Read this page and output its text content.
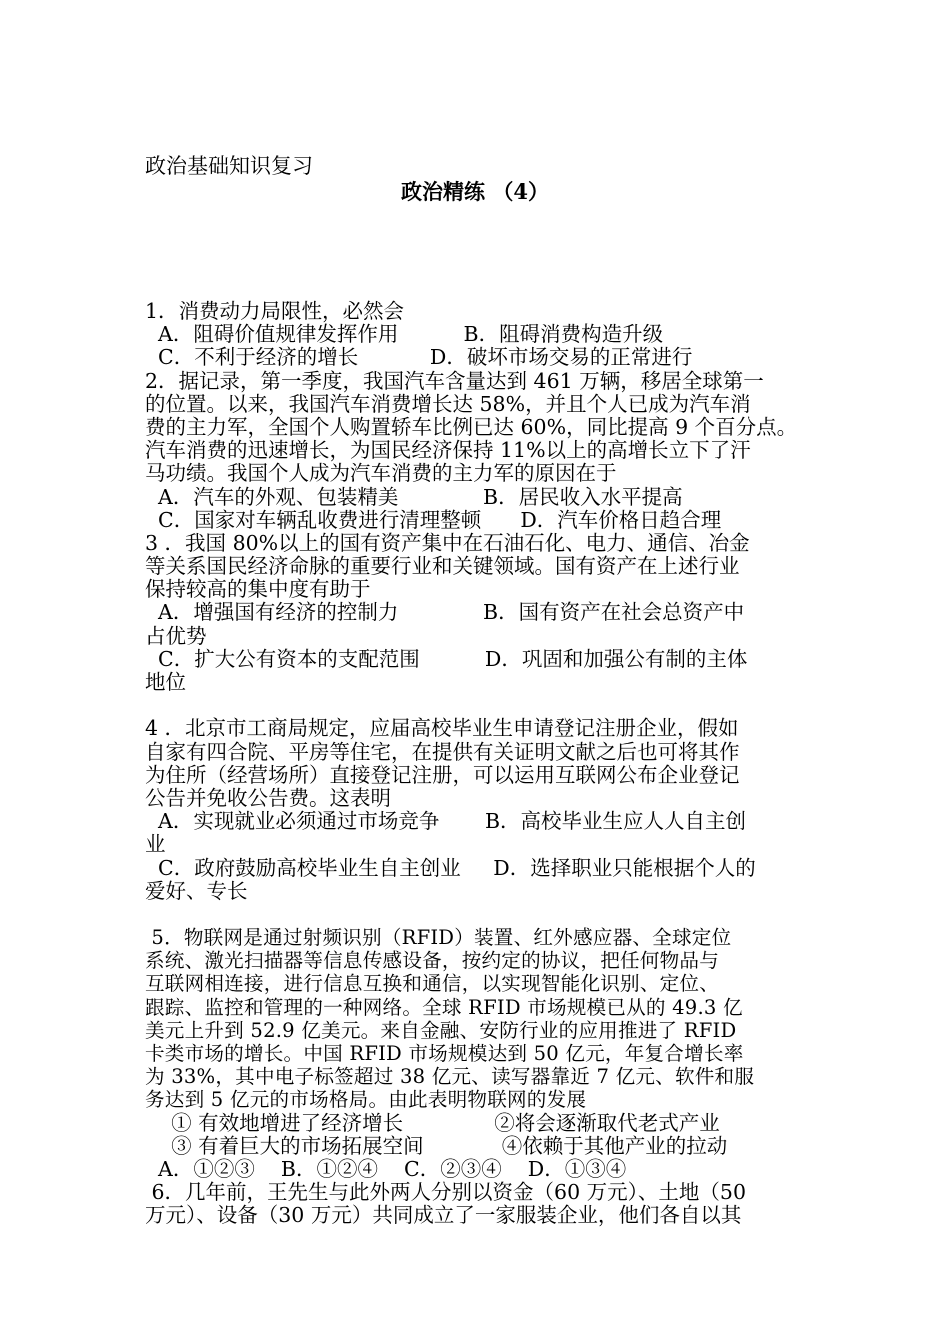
政治基础知识复习
政治精练 （4）
1．消费动力局限性，必然会
A．阻碍价值规律发挥作用          B．阻碍消费构造升级
C．不利于经济的增长           D．破坏市场交易的正常进行
2．据记录，第一季度，我国汽车含量达到 461 万辆，移居全球第一
的位置。以来，我国汽车消费增长达 58%，并且个人已成为汽车消
费的主力军，全国个人购置轿车比例已达 60%，同比提高 9 个百分点。
汽车消费的迅速增长，为国民经济保持 11%以上的高增长立下了汗
马功绩。我国个人成为汽车消费的主力军的原因在于
A．汽车的外观、包装精美             B．居民收入水平提高
C．国家对车辆乱收费进行清理整顿      D．汽车价格日趋合理
3 ．我国 80%以上的国有资产集中在石油石化、电力、通信、冶金
等关系国民经济命脉的重要行业和关键领域。国有资产在上述行业
保持较高的集中度有助于
A．增强国有经济的控制力             B．国有资产在社会总资产中
占优势
C．扩大公有资本的支配范围          D．巩固和加强公有制的主体
地位
4 ．北京市工商局规定，应届高校毕业生申请登记注册企业，假如
自家有四合院、平房等住宅，在提供有关证明文献之后也可将其作
为住所（经营场所）直接登记注册，可以运用互联网公布企业登记
公告并免收公告费。这表明
A．实现就业必须通过市场竞争       B．高校毕业生应人人自主创
业
C．政府鼓励高校毕业生自主创业     D．选择职业只能根据个人的
爱好、专长
5．物联网是通过射频识别（RFID）装置、红外感应器、全球定位
系统、激光扫描器等信息传感设备，按约定的协议，把任何物品与
互联网相连接，进行信息互换和通信，以实现智能化识别、定位、
跟踪、监控和管理的一种网络。全球 RFID 市场规模已从的 49.3 亿
美元上升到 52.9 亿美元。来自金融、安防行业的应用推进了 RFID
卡类市场的增长。中国 RFID 市场规模达到 50 亿元，年复合增长率
为 33%，其中电子标签超过 38 亿元、读写器靠近 7 亿元、软件和服
务达到 5 亿元的市场格局。由此表明物联网的发展
① 有效地增进了经济增长              ②将会逐渐取代老式产业
③ 有着巨大的市场拓展空间            ④依赖于其他产业的拉动
A．①②③    B．①②④    C．②③④    D．①③④
6．几年前，王先生与此外两人分别以资金（60 万元）、土地（50
万元）、设备（30 万元）共同成立了一家服装企业，他们各自以其
